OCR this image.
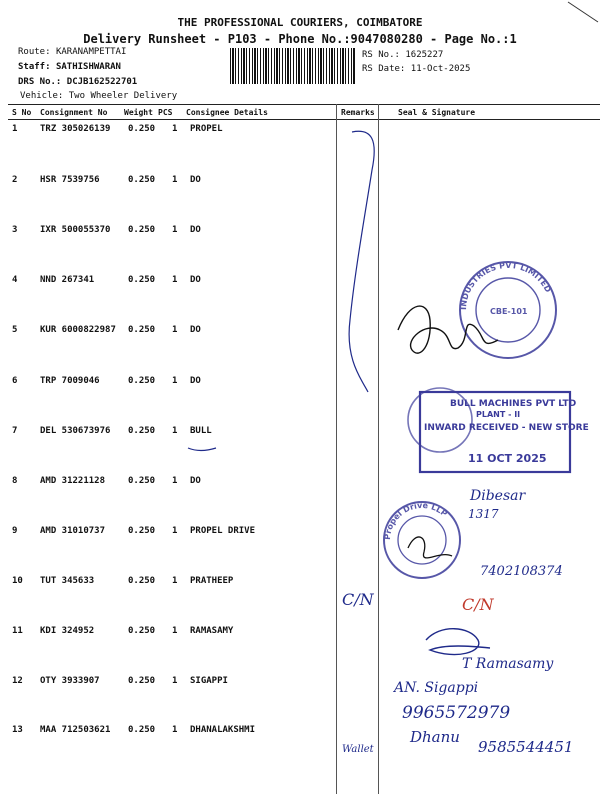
THE PROFESSIONAL COURIERS, COIMBATORE
Delivery Runsheet - P103 - Phone No.:9047080280 - Page No.:1
Route: KARANAMPETTAI
Staff: SATHISHWARAN
DRS No.: DCJB162522701
Vehicle: Two Wheeler Delivery
RS No.: 1625227
RS Date: 11-Oct-2025
S No Consignment No Weight PCS Consignee Details	Remarks	Seal & Signature
1	TRZ 305026139 0.250 1 PROPEL
2	HSR 7539756	0.250 1 DO
3	IXR 500055370 0.250 1 DO
4	NND 267341	0.250 1 DO
5	KUR 6000822987 0.250 1 DO
6	TRP 7009046	0.250 1 DO
7	DEL 530673976 0.250 1 BULL
8	AMD 31221128	0.250 1 DO
9	AMD 31010737	0.250 1 PROPEL DRIVE
10 TUT 345633	0.250 1 PRATHEEP
11 KDI 324952	0.250 1 RAMASAMY
12 OTY 3933907	0.250 1 SIGAPPI
13 MAA 712503621 0.250 1 DHANALAKSHMI
INDUSTRIES PVT LIMITED
CBE-101
BULL MACHINES PVT LTD
PLANT - II
INWARD RECEIVED - NEW STORE
11 OCT 2025
Dibesar
1317
Propel Drive LLP
7402108374
C/N	C/N
T Ramasamy
AN. Sigappi
9965572979
Wallet
Dhanu
9585544451
